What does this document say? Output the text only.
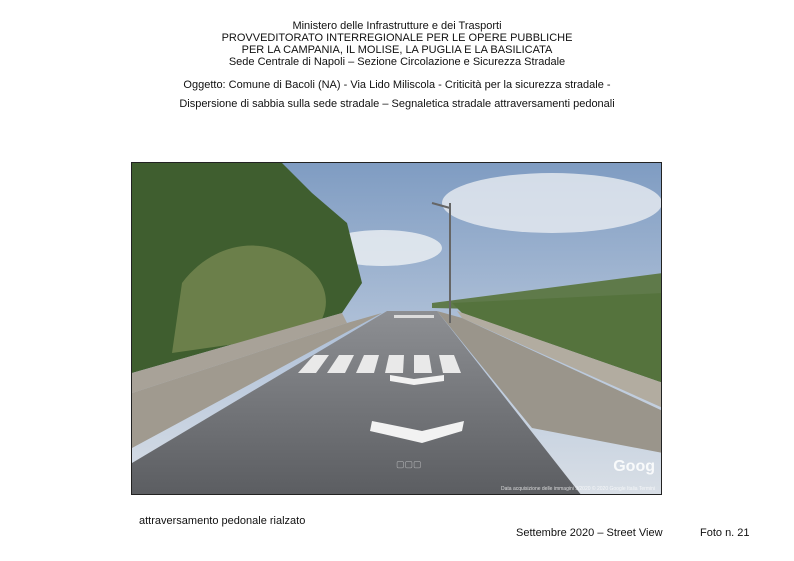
Ministero delle Infrastrutture e dei Trasporti
PROVVEDITORATO INTERREGIONALE PER LE OPERE PUBBLICHE
PER LA CAMPANIA, IL MOLISE, LA PUGLIA E LA BASILICATA
Sede Centrale di Napoli – Sezione Circolazione e Sicurezza Stradale
Oggetto: Comune di Bacoli (NA) - Via Lido Miliscola - Criticità per la sicurezza stradale -
Dispersione di sabbia sulla sede stradale – Segnaletica stradale attraversamenti pedonali
▢▢▢	Goog
Data acquisizione delle immagini 9/2020 © 2020 Google Italia Termini
attraversamento pedonale rialzato
Settembre 2020 – Street View	Foto n. 21
